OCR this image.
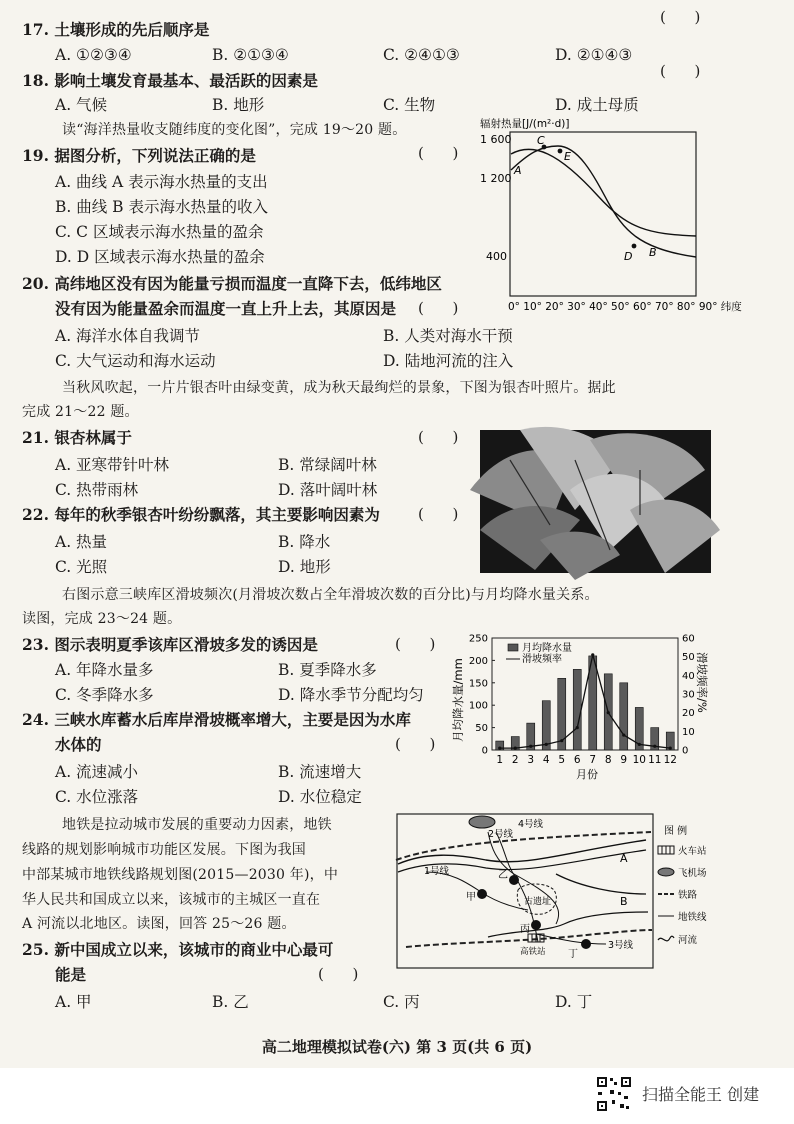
17. 土壤形成的先后顺序是
(      )
A. ①②③④	B. ②①③④	C. ②④①③	D. ②①④③
18. 影响土壤发育最基本、最活跃的因素是	(      )
A. 气候	B. 地形	C. 生物	D. 成土母质
读“海洋热量收支随纬度的变化图”，完成 19～20 题。
19. 据图分析，下列说法正确的是	(      )
A. 曲线 A 表示海水热量的支出
B. 曲线 B 表示海水热量的收入
C. C 区域表示海水热量的盈余
D. D 区域表示海水热量的盈余
辐射热量[J/(m²·d)]
1 600
1 200
400
A
C
E
D B
0° 10° 20° 30° 40° 50° 60° 70° 80° 90° 纬度
20. 高纬地区没有因为能量亏损而温度一直降下去，低纬地区
没有因为能量盈余而温度一直上升上去，其原因是 (      )
A. 海洋水体自我调节	B. 人类对海水干预
C. 大气运动和海水运动	D. 陆地河流的注入
当秋风吹起，一片片银杏叶由绿变黄，成为秋天最绚烂的景象，下图为银杏叶照片。据此
完成 21～22 题。
21. 银杏林属于	(      )
A. 亚寒带针叶林	B. 常绿阔叶林
C. 热带雨林	D. 落叶阔叶林
22. 每年的秋季银杏叶纷纷飘落，其主要影响因素为	(      )
A. 热量	B. 降水
C. 光照	D. 地形
右图示意三峡库区滑坡频次(月滑坡次数占全年滑坡次数的百分比)与月均降水量关系。
读图，完成 23～24 题。
23. 图示表明夏季该库区滑坡多发的诱因是	(      )
A. 年降水量多	B. 夏季降水多
C. 冬季降水多	D. 降水季节分配均匀 月均降水量/mm	滑坡频率/%
0
50
100
150
200
250
0
10
20
30
40
50
60
1 2 3 4 5 6 7 8 9 10 11 12
月均降水量
滑坡频率
月份
24. 三峡水库蓄水后库岸滑坡概率增大，主要是因为水库
水体的	(      )
A. 流速减小	B. 流速增大
C. 水位涨落	D. 水位稳定
地铁是拉动城市发展的重要动力因素，地铁
线路的规划影响城市功能区发展。下图为我国
中部某城市地铁线路规划图(2015—2030 年)，中
华人民共和国成立以来，该城市的主城区一直在
A 河流以北地区。读图，回答 25～26 题。
古遗址
2号线
4号线
1号线
3号线
A
B
甲
乙
丙
丁
高铁站
图 例
火车站
飞机场
铁路
地铁线
河流
25. 新中国成立以来，该城市的商业中心最可
能是	(      )
A. 甲	B. 乙	C. 丙	D. 丁
高二地理模拟试卷(六) 第 3 页(共 6 页)
扫描全能王 创建
